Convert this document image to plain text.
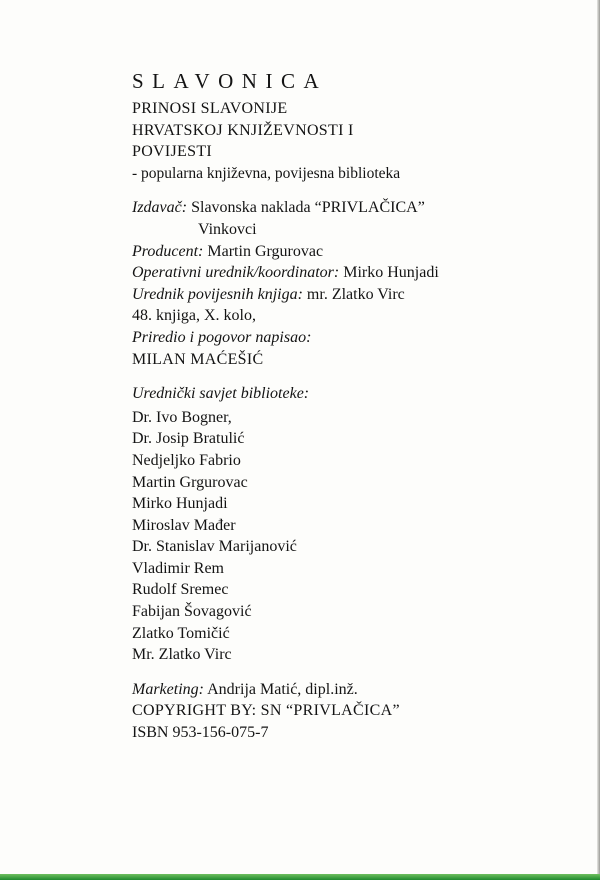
SLAVONICA
PRINOSI SLAVONIJE
HRVATSKOJ KNJIŽEVNOSTI I
POVIJESTI
- popularna književna, povijesna biblioteka
Izdavač: Slavonska naklada “PRIVLAČICA”
Vinkovci
Producent: Martin Grgurovac
Operativni urednik/koordinator: Mirko Hunjadi
Urednik povijesnih knjiga: mr. Zlatko Virc
48. knjiga, X. kolo,
Priredio i pogovor napisao:
MILAN MAĆEŠIĆ
Urednički savjet biblioteke:
Dr. Ivo Bogner,
Dr. Josip Bratulić
Nedjeljko Fabrio
Martin Grgurovac
Mirko Hunjadi
Miroslav Mađer
Dr. Stanislav Marijanović
Vladimir Rem
Rudolf Sremec
Fabijan Šovagović
Zlatko Tomičić
Mr. Zlatko Virc
Marketing: Andrija Matić, dipl.inž.
COPYRIGHT BY: SN “PRIVLAČICA”
ISBN 953-156-075-7
